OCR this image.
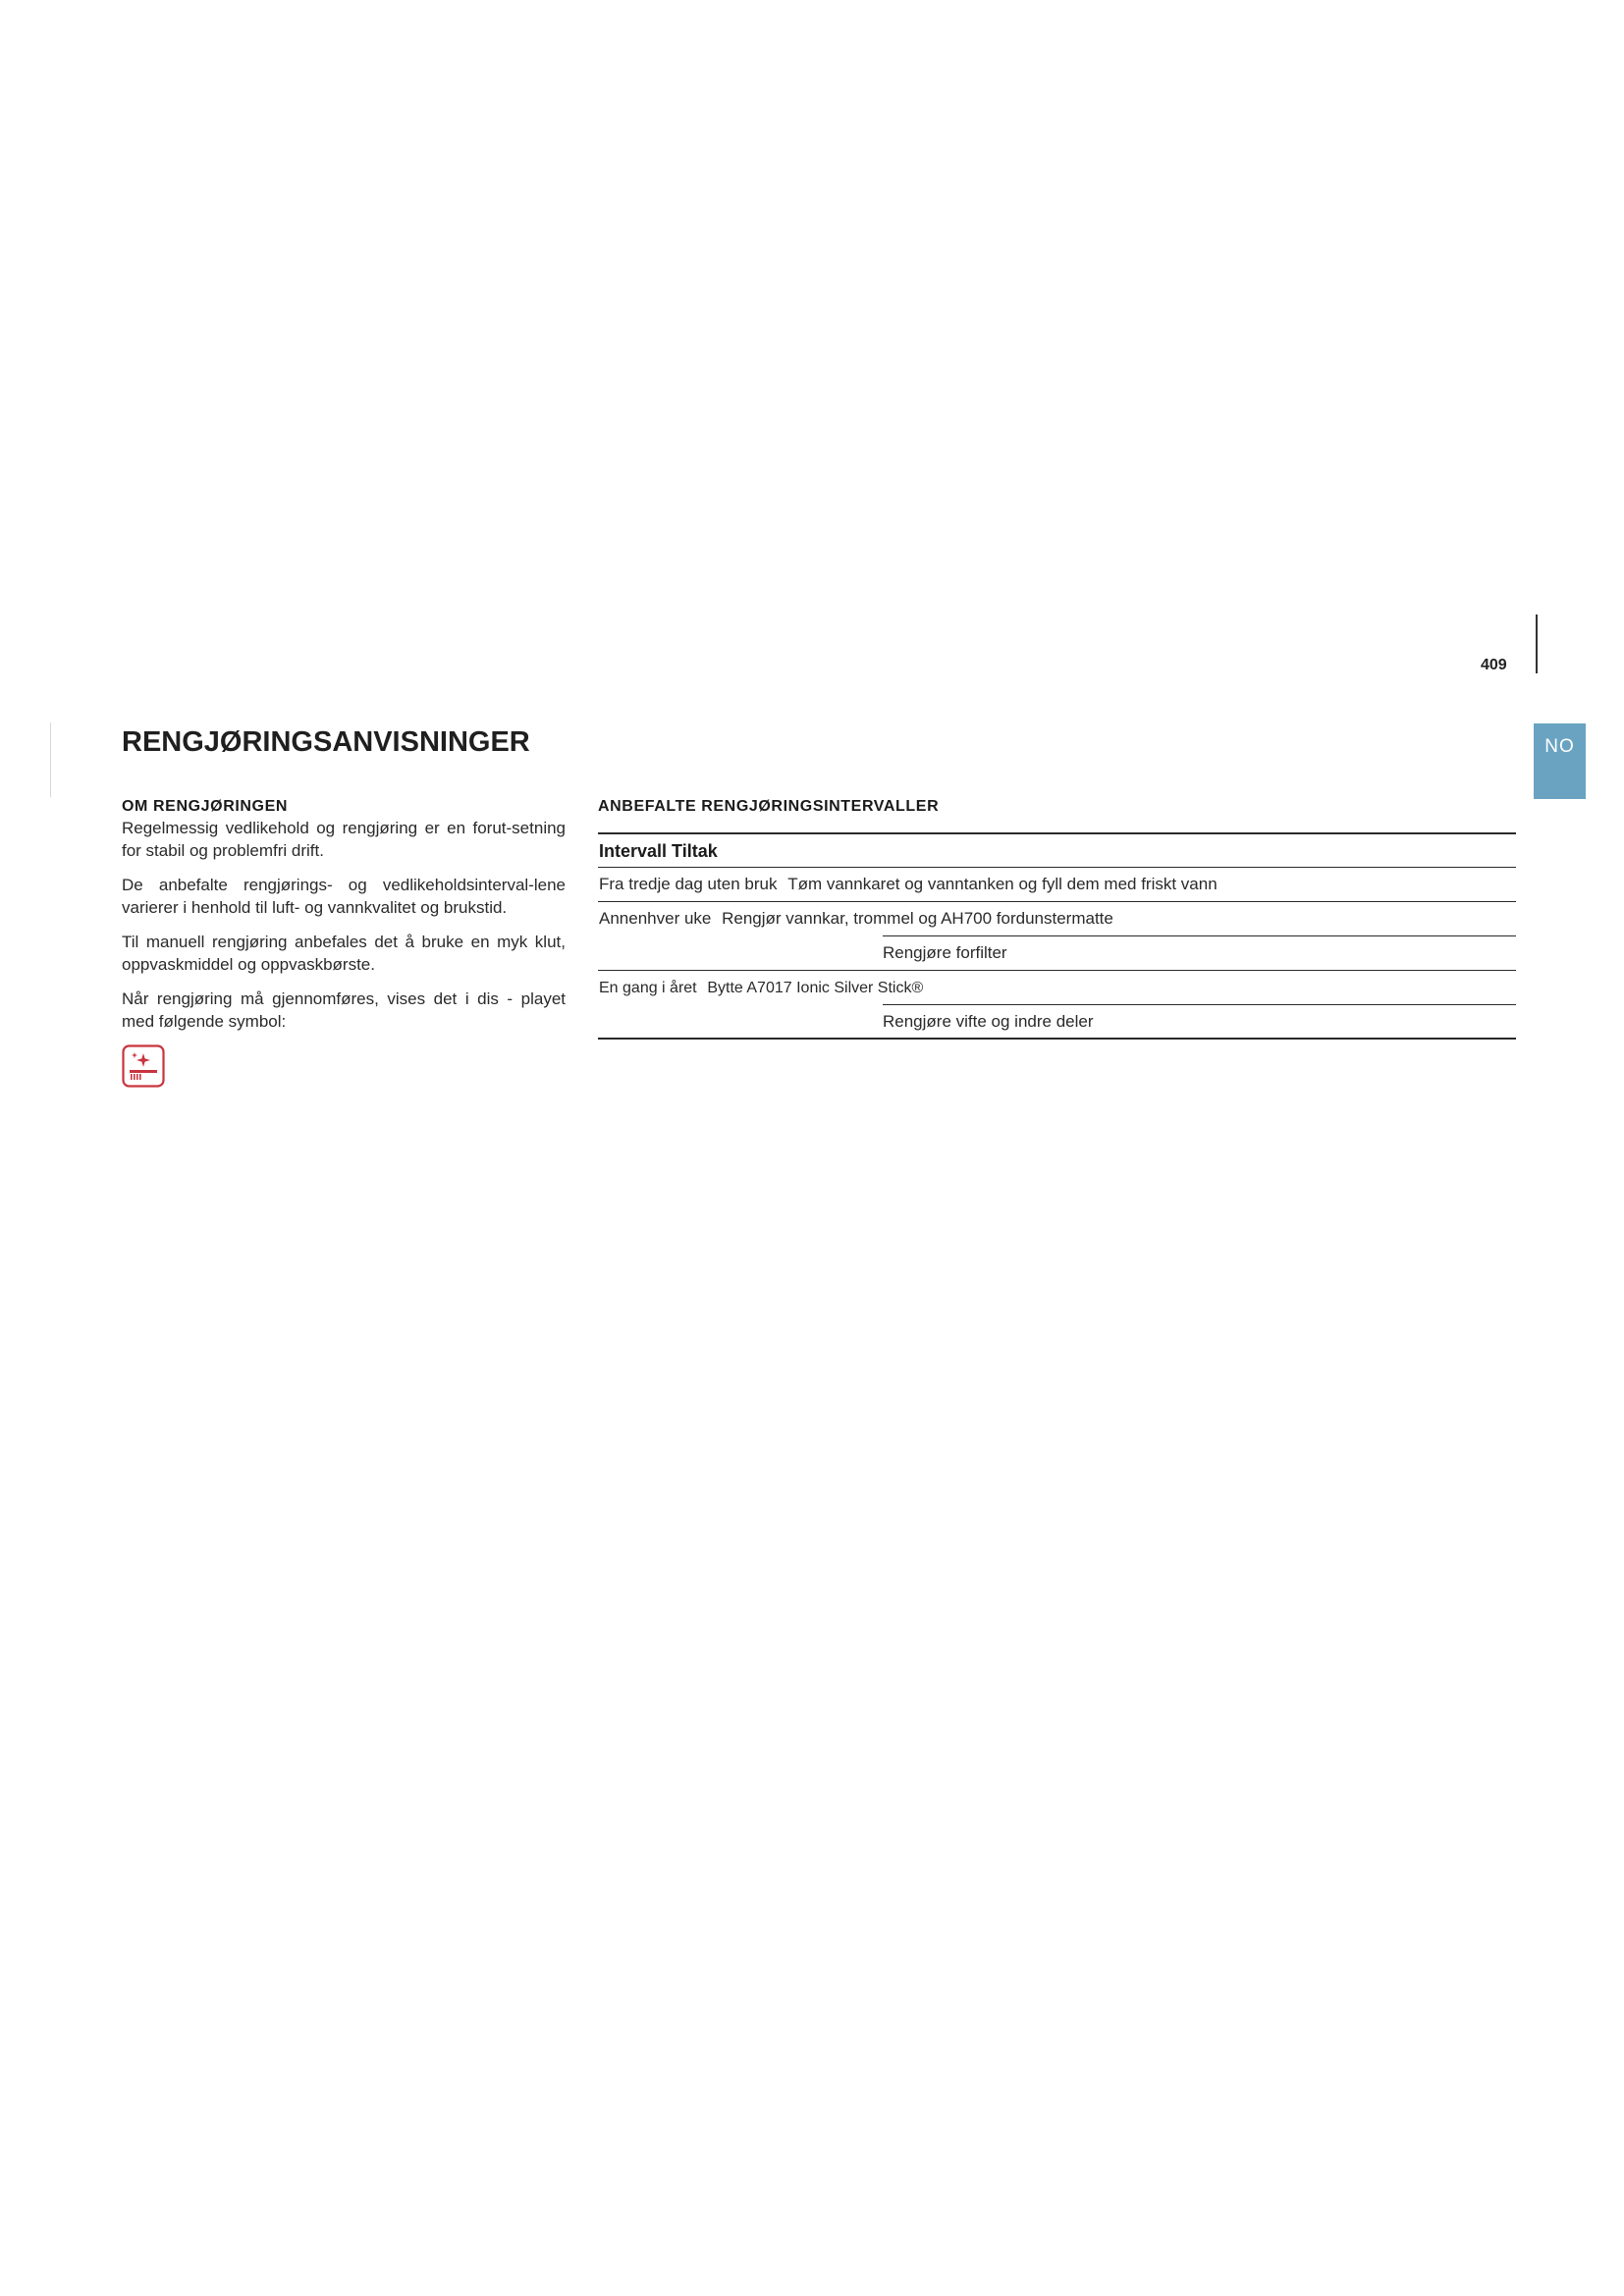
409
NO
RENGJØRINGSANVISNINGER
OM RENGJØRINGEN

Regelmessig vedlikehold og rengjøring er en forut-setning for stabil og problemfri drift.

De anbefalte rengjørings- og vedlikeholdsinterval-lene varierer i henhold til luft- og vannkvalitet og brukstid.

Til manuell rengjøring anbefales det å bruke en myk klut, oppvaskmiddel og oppvaskbørste.

Når rengjøring må gjennomføres, vises det i dis - playet med følgende symbol:

ANBEFALTE RENGJØRINGSINTERVALLER
Intervall Tiltak
Fra tredje dag uten bruk Tøm vannkaret og vanntanken og fyll dem med friskt vann
Annenhver uke Rengjør vannkar, trommel og AH700 fordunstermatte
Rengjøre forfilter
En gang i året Bytte A7017 Ionic Silver Stick®
Rengjøre vifte og indre deler
